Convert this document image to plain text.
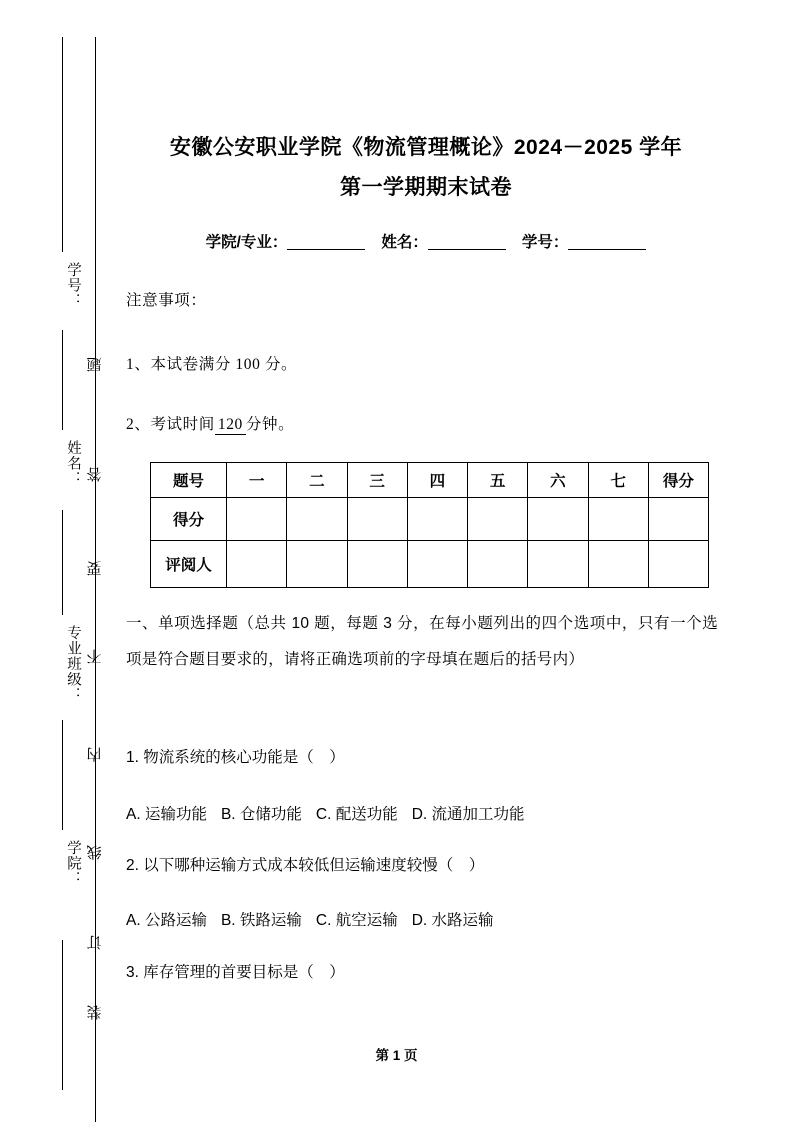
学号：
姓名：
专业班级：
学院：
题
答
要
不
内
线
订
装
安徽公安职业学院《物流管理概论》2024－2025 学年
第一学期期末试卷
学院/专业：	姓名：	学号：
注意事项：
1、本试卷满分 100 分。
2、考试时间 120 分钟。
题号	一	二	三	四	五	六	七	得分
得分								
评阅人								
一、单项选择题（总共 10 题，每题 3 分，在每小题列出的四个选项中，只有一个选项是符合题目要求的，请将正确选项前的字母填在题后的括号内）
1. 物流系统的核心功能是（　）
A. 运输功能 B. 仓储功能 C. 配送功能 D. 流通加工功能
2. 以下哪种运输方式成本较低但运输速度较慢（　）
A. 公路运输 B. 铁路运输 C. 航空运输 D. 水路运输
3. 库存管理的首要目标是（　）
第 1 页
